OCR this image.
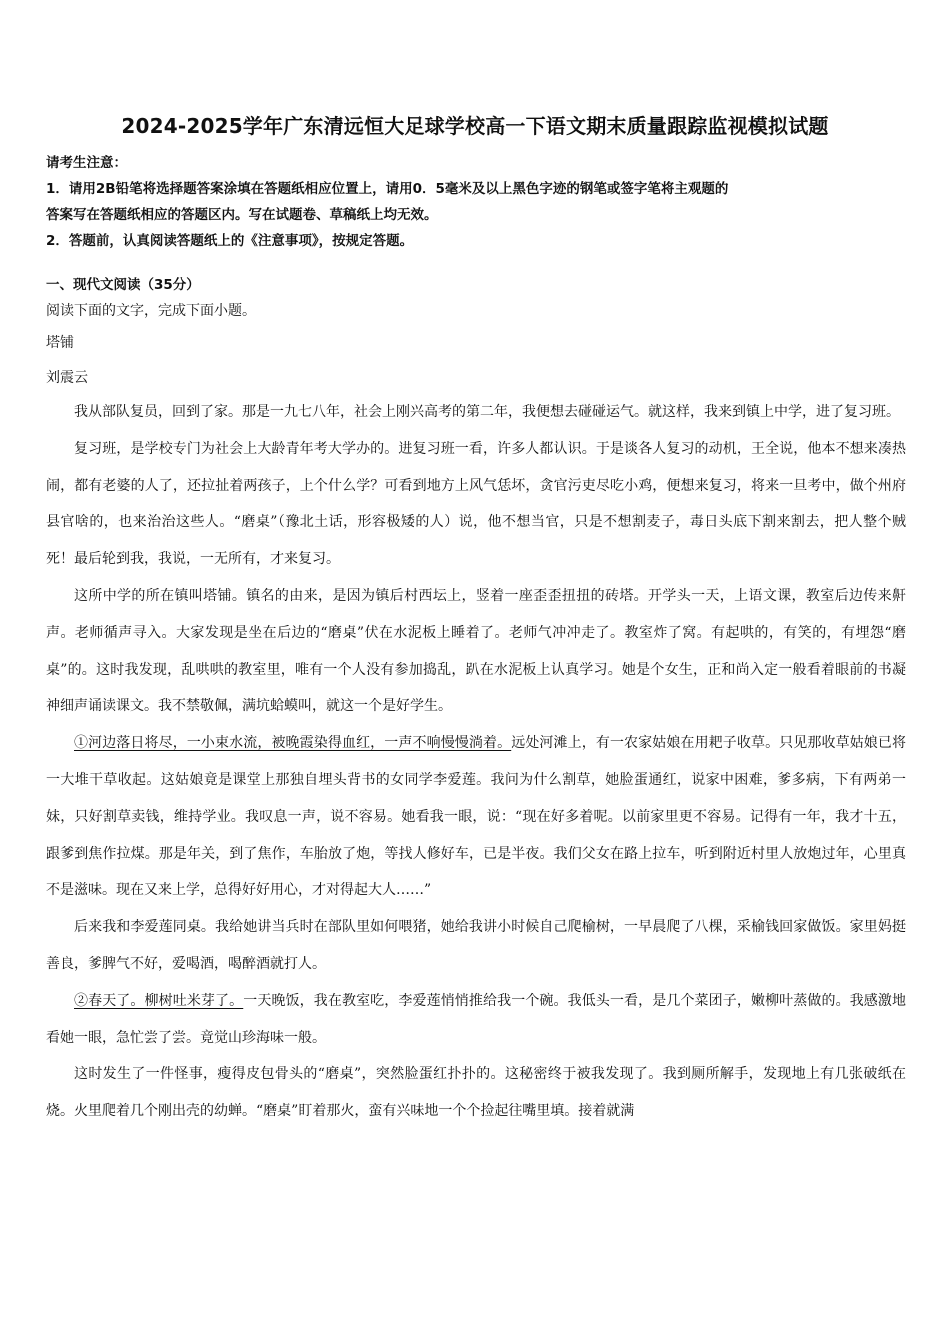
2024-2025学年广东清远恒大足球学校高一下语文期末质量跟踪监视模拟试题
请考生注意：
1．请用2B铅笔将选择题答案涂填在答题纸相应位置上，请用0．5毫米及以上黑色字迹的钢笔或签字笔将主观题的
答案写在答题纸相应的答题区内。写在试题卷、草稿纸上均无效。
2．答题前，认真阅读答题纸上的《注意事项》，按规定答题。
一、现代文阅读（35分）
阅读下面的文字，完成下面小题。
塔铺
刘震云

我从部队复员，回到了家。那是一九七八年，社会上刚兴高考的第二年，我便想去碰碰运气。就这样，我来到镇上中学，进了复习班。

复习班，是学校专门为社会上大龄青年考大学办的。进复习班一看，许多人都认识。于是谈各人复习的动机，王全说，他本不想来凑热闹，都有老婆的人了，还拉扯着两孩子，上个什么学？可看到地方上风气恁坏，贪官污吏尽吃小鸡，便想来复习，将来一旦考中，做个州府县官啥的，也来治治这些人。“磨桌”（豫北土话，形容极矮的人）说，他不想当官，只是不想割麦子，毒日头底下割来割去，把人整个贼死！最后轮到我，我说，一无所有，才来复习。

这所中学的所在镇叫塔铺。镇名的由来，是因为镇后村西坛上，竖着一座歪歪扭扭的砖塔。开学头一天，上语文课，教室后边传来鼾声。老师循声寻入。大家发现是坐在后边的“磨桌”伏在水泥板上睡着了。老师气冲冲走了。教室炸了窝。有起哄的，有笑的，有埋怨“磨桌”的。这时我发现，乱哄哄的教室里，唯有一个人没有参加捣乱，趴在水泥板上认真学习。她是个女生，正和尚入定一般看着眼前的书凝神细声诵读课文。我不禁敬佩，满坑蛤蟆叫，就这一个是好学生。

①河边落日将尽，一小束水流，被晚霞染得血红，一声不响慢慢淌着。远处河滩上，有一农家姑娘在用耙子收草。只见那收草姑娘已将一大堆干草收起。这姑娘竟是课堂上那独自埋头背书的女同学李爱莲。我问为什么割草，她脸蛋通红，说家中困难，爹多病，下有两弟一妹，只好割草卖钱，维持学业。我叹息一声，说不容易。她看我一眼，说：“现在好多着呢。以前家里更不容易。记得有一年，我才十五，跟爹到焦作拉煤。那是年关，到了焦作，车胎放了炮，等找人修好车，已是半夜。我们父女在路上拉车，听到附近村里人放炮过年，心里真不是滋味。现在又来上学，总得好好用心，才对得起大人……”

后来我和李爱莲同桌。我给她讲当兵时在部队里如何喂猪，她给我讲小时候自己爬榆树，一早晨爬了八棵，采榆钱回家做饭。家里妈挺善良，爹脾气不好，爱喝酒，喝醉酒就打人。

②春天了。柳树吐米芽了。一天晚饭，我在教室吃，李爱莲悄悄推给我一个碗。我低头一看，是几个菜团子，嫩柳叶蒸做的。我感激地看她一眼，急忙尝了尝。竟觉山珍海味一般。

这时发生了一件怪事，瘦得皮包骨头的“磨桌”，突然脸蛋红扑扑的。这秘密终于被我发现了。我到厕所解手，发现地上有几张破纸在烧。火里爬着几个刚出壳的幼蝉。“磨桌”盯着那火，蛮有兴味地一个个捡起往嘴里填。接着就满
